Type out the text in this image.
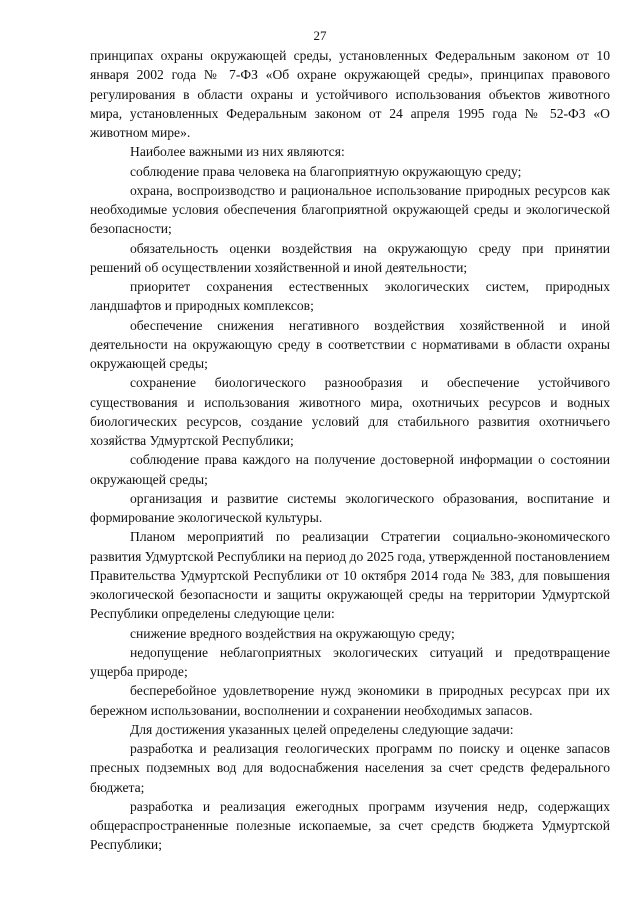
27

принципах охраны окружающей среды, установленных Федеральным законом от 10 января 2002 года № 7-ФЗ «Об охране окружающей среды», принципах правового регулирования в области охраны и устойчивого использования объектов животного мира, установленных Федеральным законом от 24 апреля 1995 года № 52-ФЗ «О животном мире».

Наиболее важными из них являются:

соблюдение права человека на благоприятную окружающую среду;

охрана, воспроизводство и рациональное использование природных ресурсов как необходимые условия обеспечения благоприятной окружающей среды и экологической безопасности;

обязательность оценки воздействия на окружающую среду при принятии решений об осуществлении хозяйственной и иной деятельности;

приоритет сохранения естественных экологических систем, природных ландшафтов и природных комплексов;

обеспечение снижения негативного воздействия хозяйственной и иной деятельности на окружающую среду в соответствии с нормативами в области охраны окружающей среды;

сохранение биологического разнообразия и обеспечение устойчивого существования и использования животного мира, охотничьих ресурсов и водных биологических ресурсов, создание условий для стабильного развития охотничьего хозяйства Удмуртской Республики;

соблюдение права каждого на получение достоверной информации о состоянии окружающей среды;

организация и развитие системы экологического образования, воспитание и формирование экологической культуры.

Планом мероприятий по реализации Стратегии социально-экономического развития Удмуртской Республики на период до 2025 года, утвержденной постановлением Правительства Удмуртской Республики от 10 октября 2014 года № 383, для повышения экологической безопасности и защиты окружающей среды на территории Удмуртской Республики определены следующие цели:

снижение вредного воздействия на окружающую среду;

недопущение неблагоприятных экологических ситуаций и предотвращение ущерба природе;

бесперебойное удовлетворение нужд экономики в природных ресурсах при их бережном использовании, восполнении и сохранении необходимых запасов.

Для достижения указанных целей определены следующие задачи:

разработка и реализация геологических программ по поиску и оценке запасов пресных подземных вод для водоснабжения населения за счет средств федерального бюджета;

разработка и реализация ежегодных программ изучения недр, содержащих общераспространенные полезные ископаемые, за счет средств бюджета Удмуртской Республики;
